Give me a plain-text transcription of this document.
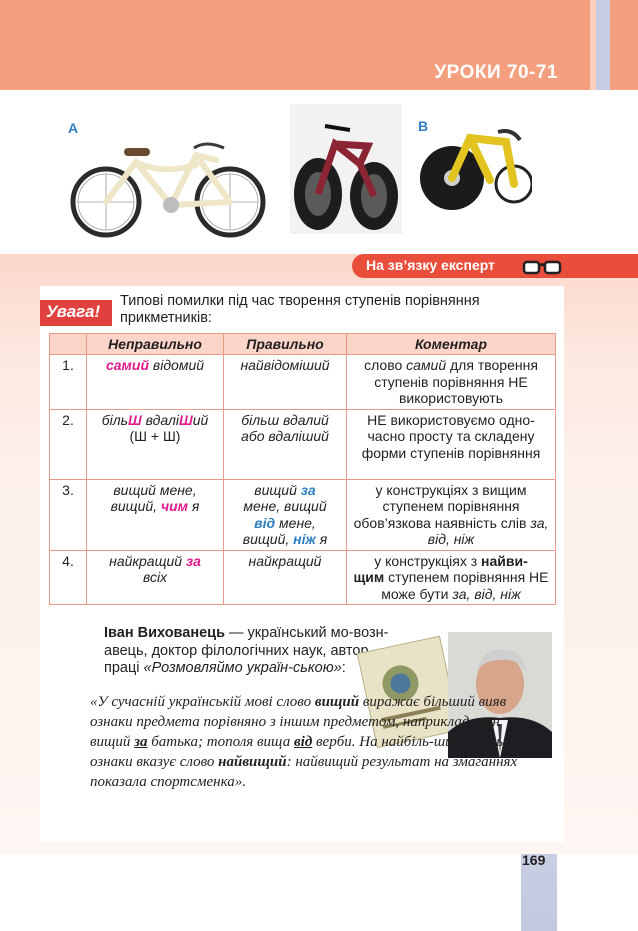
УРОКИ 70-71
А	В
На зв’язку експерт
Увага!
Типові помилки під час творення ступенів порівняння прикметників:
	Неправильно	Правильно	Коментар
1.	самий відомий	найвідоміший	слово самий для творення ступенів порівняння НЕ використовують
2.	більШ вдаліШий
(Ш + Ш)	більш вдалий або вдаліший	НЕ використовуємо одно-часно просту та складену форми ступенів порівняння
3.	вищий мене,
вищий, чим я	вищий за
мене, вищий
від мене,
вищий, ніж я	у конструкціях з вищим ступенем порівняння обов’язкова наявність слів за, від, ніж
4.	найкращий за
всіх	найкращий	у конструкціях з найви-
щим ступенем порівняння НЕ може бути за, від, ніж
Іван Вихованець — український мо-вознавець, доктор філологічних наук, автор праці «Розмовляймо україн-ською»:
«У сучасній українській мові слово вищий виражає більший вияв ознаки предмета порівняно з іншим предметом, наприклад: син вищий за батька; тополя вища від верби. На найбіль-ший рівень ознаки вказує слово найвищий: найвищий результат на змаганнях показала спортсменка».
169
